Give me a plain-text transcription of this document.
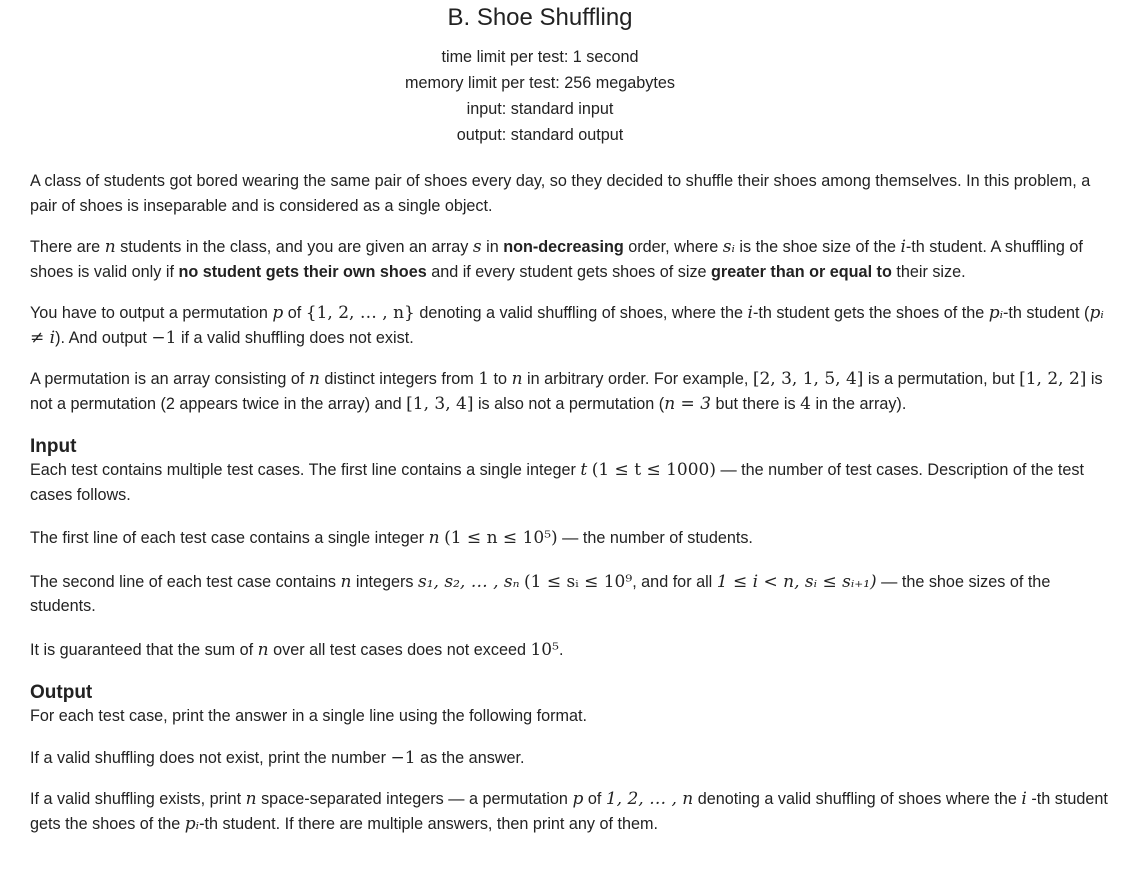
B. Shoe Shuffling
time limit per test: 1 second
memory limit per test: 256 megabytes
input: standard input
output: standard output

A class of students got bored wearing the same pair of shoes every day, so they decided to shuffle their shoes among themselves. In this problem, a pair of shoes is inseparable and is considered as a single object.

There are n students in the class, and you are given an array s in non-decreasing order, where sᵢ is the shoe size of the i-th student. A shuffling of shoes is valid only if no student gets their own shoes and if every student gets shoes of size greater than or equal to their size.

You have to output a permutation p of {1, 2, … , n} denoting a valid shuffling of shoes, where the i-th student gets the shoes of the pᵢ-th student (pᵢ ≠ i). And output −1 if a valid shuffling does not exist.

A permutation is an array consisting of n distinct integers from 1 to n in arbitrary order. For example, [2, 3, 1, 5, 4] is a permutation, but [1, 2, 2] is not a permutation (2 appears twice in the array) and [1, 3, 4] is also not a permutation (n = 3 but there is 4 in the array).

Input

Each test contains multiple test cases. The first line contains a single integer t (1 ≤ t ≤ 1000) — the number of test cases. Description of the test cases follows.

The first line of each test case contains a single integer n (1 ≤ n ≤ 10⁵) — the number of students.

The second line of each test case contains n integers s₁, s₂, … , sₙ (1 ≤ sᵢ ≤ 10⁹, and for all 1 ≤ i < n, sᵢ ≤ sᵢ₊₁) — the shoe sizes of the students.

It is guaranteed that the sum of n over all test cases does not exceed 10⁵.

Output

For each test case, print the answer in a single line using the following format.

If a valid shuffling does not exist, print the number −1 as the answer.

If a valid shuffling exists, print n space-separated integers — a permutation p of 1, 2, … , n denoting a valid shuffling of shoes where the i -th student gets the shoes of the pᵢ-th student. If there are multiple answers, then print any of them.
